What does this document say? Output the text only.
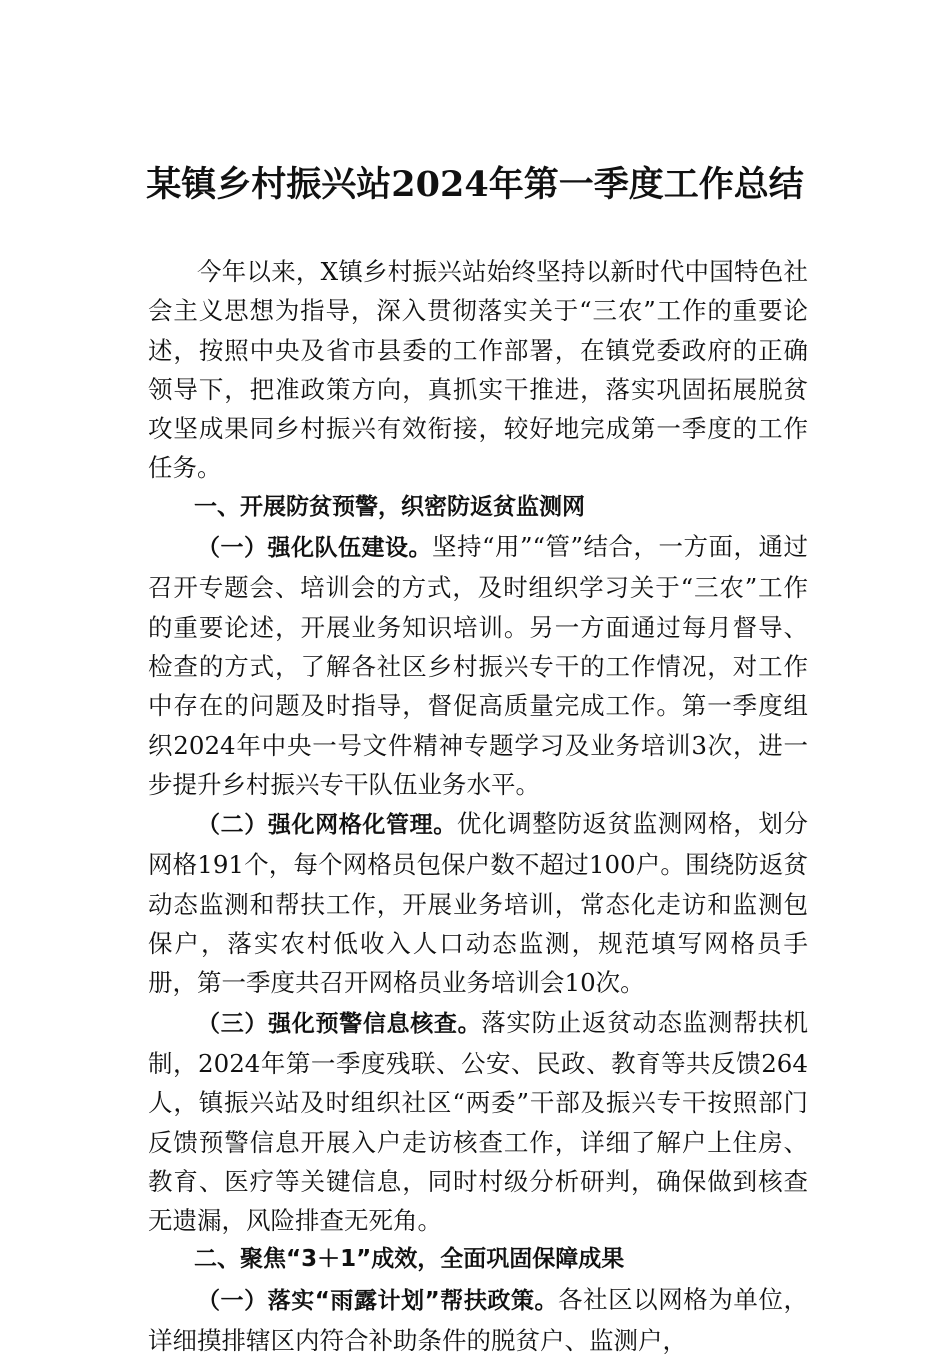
某镇乡村振兴站2024年第一季度工作总结

今年以来，X镇乡村振兴站始终坚持以新时代中国特色社会主义思想为指导，深入贯彻落实关于“三农”工作的重要论述，按照中央及省市县委的工作部署，在镇党委政府的正确领导下，把准政策方向，真抓实干推进，落实巩固拓展脱贫攻坚成果同乡村振兴有效衔接，较好地完成第一季度的工作任务。

一、开展防贫预警，织密防返贫监测网

（一）强化队伍建设。坚持“用”“管”结合，一方面，通过召开专题会、培训会的方式，及时组织学习关于“三农”工作的重要论述，开展业务知识培训。另一方面通过每月督导、检查的方式，了解各社区乡村振兴专干的工作情况，对工作中存在的问题及时指导，督促高质量完成工作。第一季度组织2024年中央一号文件精神专题学习及业务培训3次，进一步提升乡村振兴专干队伍业务水平。

（二）强化网格化管理。优化调整防返贫监测网格，划分网格191个，每个网格员包保户数不超过100户。围绕防返贫动态监测和帮扶工作，开展业务培训，常态化走访和监测包保户，落实农村低收入人口动态监测，规范填写网格员手册，第一季度共召开网格员业务培训会10次。

（三）强化预警信息核查。落实防止返贫动态监测帮扶机制，2024年第一季度残联、公安、民政、教育等共反馈264人，镇振兴站及时组织社区“两委”干部及振兴专干按照部门反馈预警信息开展入户走访核查工作，详细了解户上住房、教育、医疗等关键信息，同时村级分析研判，确保做到核查无遗漏，风险排查无死角。

二、聚焦“3＋1”成效，全面巩固保障成果

（一）落实“雨露计划”帮扶政策。各社区以网格为单位，详细摸排辖区内符合补助条件的脱贫户、监测户，
